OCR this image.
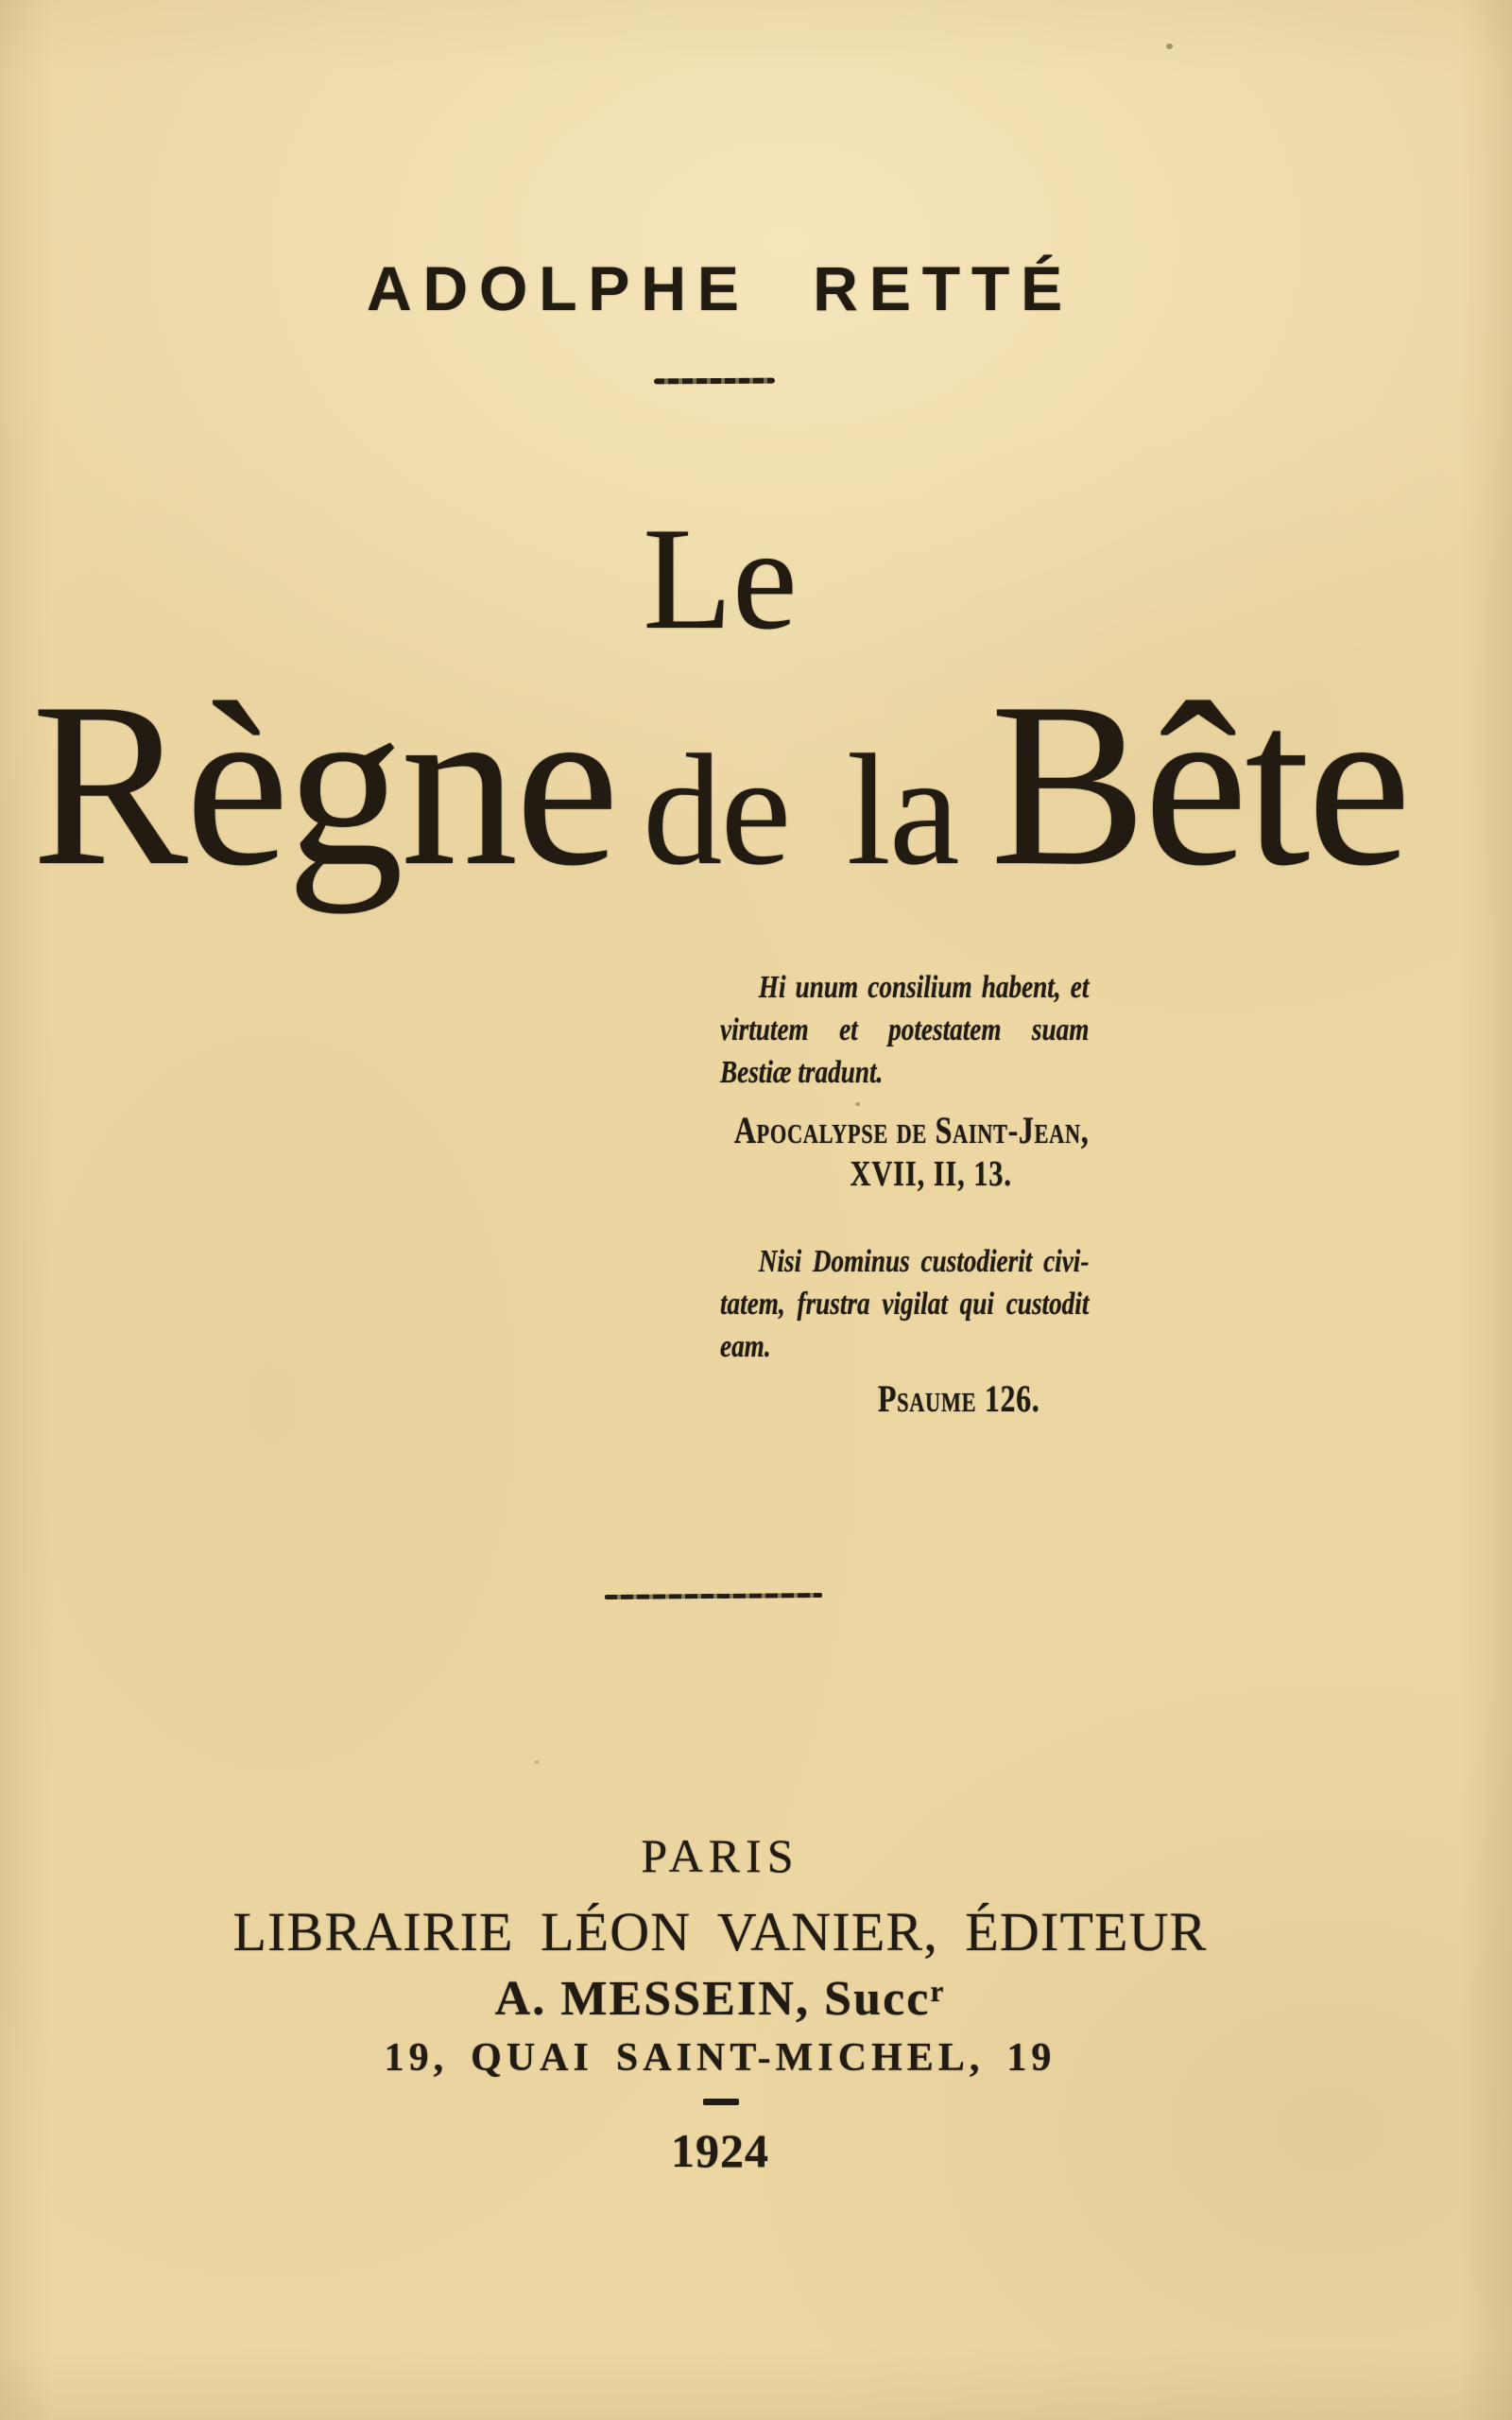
ADOLPHE RETTÉ
Le
Règne de la Bête
Hi unum consilium habent, et
virtutem et potestatem suam
Bestiæ tradunt.
Apocalypse de Saint-Jean,
XVII, II, 13.
Nisi Dominus custodierit civi-
tatem, frustra vigilat qui custodit
eam.
Psaume 126.
PARIS
LIBRAIRIE LÉON VANIER, ÉDITEUR
A. MESSEIN, Succ$^r$
19, QUAI SAINT-MICHEL, 19
1924
